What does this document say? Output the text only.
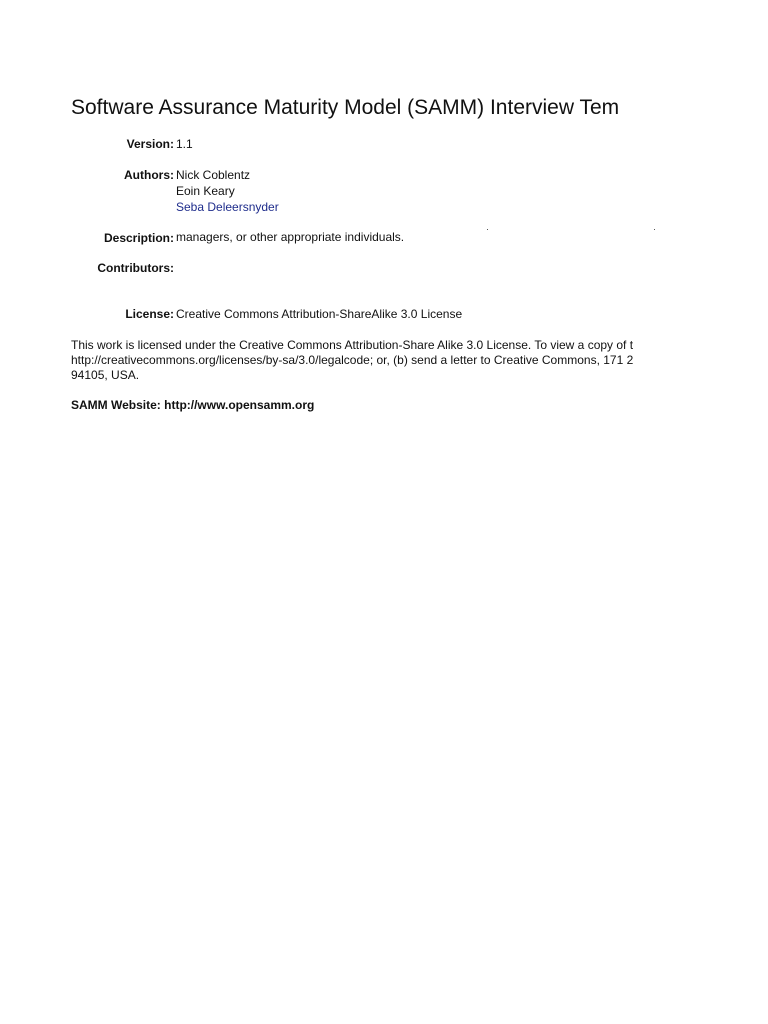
Software Assurance Maturity Model (SAMM) Interview Tem
Version: 1.1
Authors: Nick Coblentz
Eoin Keary
Seba Deleersnyder
Description: managers, or other appropriate individuals.
Contributors:
License: Creative Commons Attribution-ShareAlike 3.0 License
This work is licensed under the Creative Commons Attribution-Share Alike 3.0 License. To view a copy of t
http://creativecommons.org/licenses/by-sa/3.0/legalcode; or, (b) send a letter to Creative Commons, 171 2
94105, USA.
SAMM Website: http://www.opensamm.org
